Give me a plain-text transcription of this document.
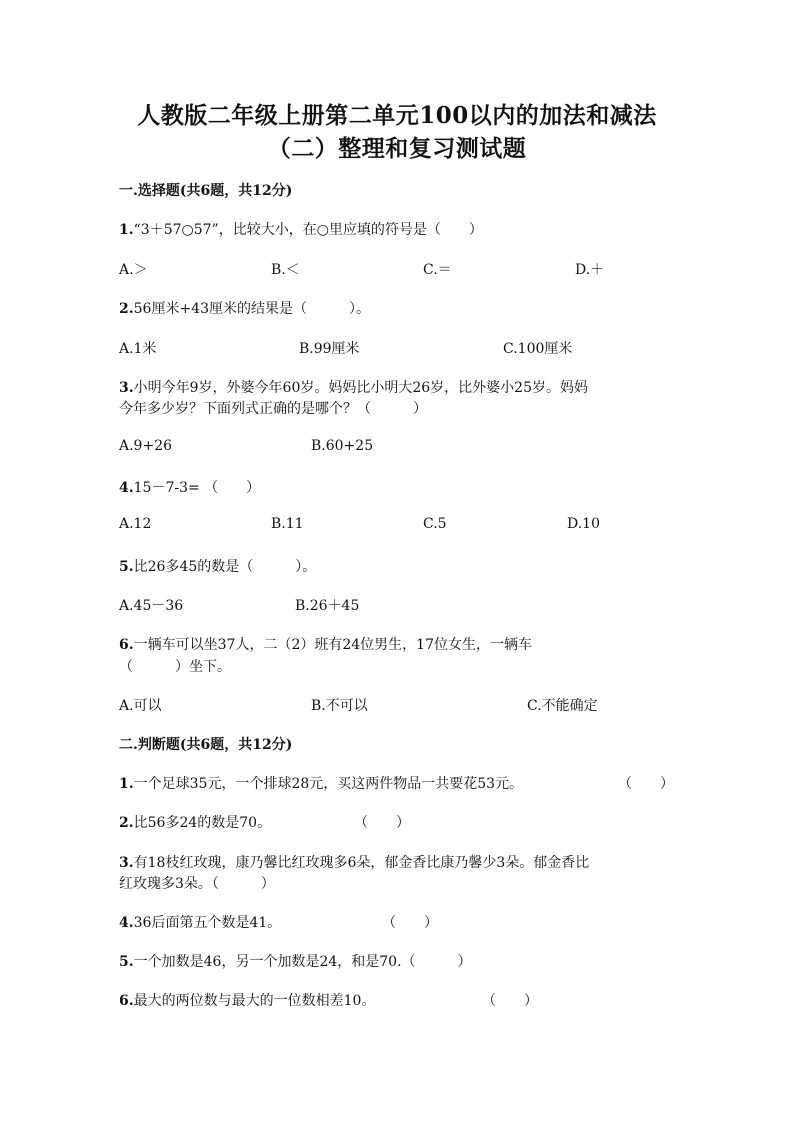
人教版二年级上册第二单元100以内的加法和减法
（二）整理和复习测试题
一.选择题(共6题，共12分)
1.“3＋57○57”，比较大小，在○里应填的符号是（　　）
A.＞	B.＜	C.＝	D.＋
2.56厘米+43厘米的结果是（　　　）。
A.1米	B.99厘米	C.100厘米
3.小明今年9岁，外婆今年60岁。妈妈比小明大26岁，比外婆小25岁。妈妈
今年多少岁？下面列式正确的是哪个？（　　　）
A.9+26	B.60+25
4.15－7-3= （　　）
A.12	B.11	C.5	D.10
5.比26多45的数是（　　　）。
A.45－36	B.26＋45
6.一辆车可以坐37人，二（2）班有24位男生，17位女生，一辆车
（　　　）坐下。
A.可以	B.不可以	C.不能确定
二.判断题(共6题，共12分)
1.一个足球35元，一个排球28元，买这两件物品一共要花53元。	（　　）
2.比56多24的数是70。	（　　）
3.有18枝红玫瑰，康乃馨比红玫瑰多6朵，郁金香比康乃馨少3朵。郁金香比
红玫瑰多3朵。（　　　）
4.36后面第五个数是41。	（　　）
5.一个加数是46，另一个加数是24，和是70.（　　　）
6.最大的两位数与最大的一位数相差10。	（　　）
